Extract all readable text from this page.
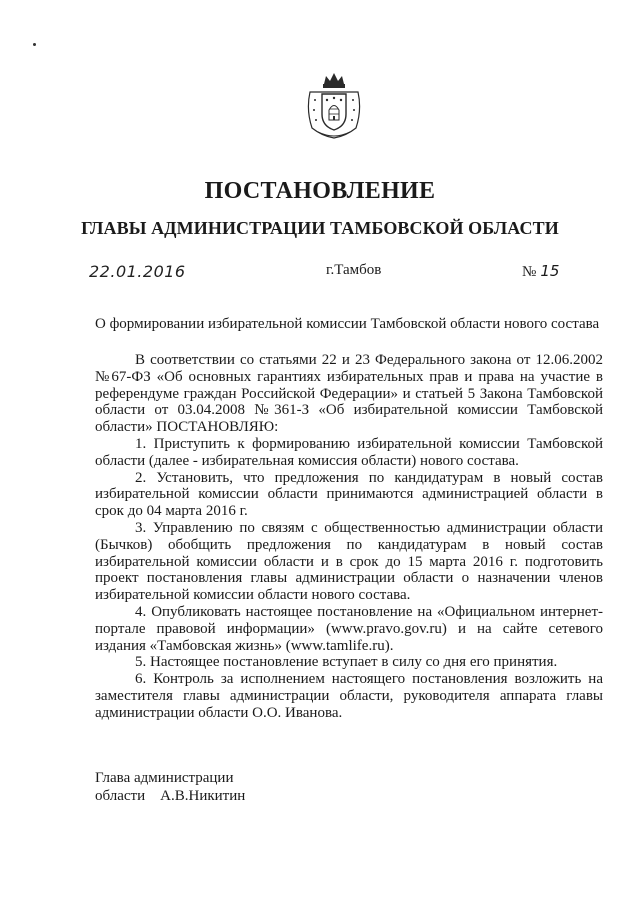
ПОСТАНОВЛЕНИЕ
ГЛАВЫ АДМИНИСТРАЦИИ ТАМБОВСКОЙ ОБЛАСТИ
22.01.2016	г.Тамбов	№ 15

О формировании избирательной комиссии Тамбовской области нового состава

В соответствии со статьями 22 и 23 Федерального закона от 12.06.2002 №67-ФЗ «Об основных гарантиях избирательных прав и права на участие в референдуме граждан Российской Федерации» и статьей 5 Закона Тамбовской области от 03.04.2008 №361-З «Об избирательной комиссии Тамбовской области» ПОСТАНОВЛЯЮ:

1. Приступить к формированию избирательной комиссии Тамбовской области (далее - избирательная комиссия области) нового состава.

2. Установить, что предложения по кандидатурам в новый состав избирательной комиссии области принимаются администрацией области в срок до 04 марта 2016 г.

3. Управлению по связям с общественностью администрации области (Бычков) обобщить предложения по кандидатурам в новый состав избирательной комиссии области и в срок до 15 марта 2016 г. подготовить проект постановления главы администрации области о назначении членов избирательной комиссии области нового состава.

4. Опубликовать настоящее постановление на «Официальном интернет-портале правовой информации» (www.pravo.gov.ru) и на сайте сетевого издания «Тамбовская жизнь» (www.tamlife.ru).

5. Настоящее постановление вступает в силу со дня его принятия.

6. Контроль за исполнением настоящего постановления возложить на заместителя главы администрации области, руководителя аппарата главы администрации области О.О. Иванова.

Глава администрации
области А.В.Никитин
